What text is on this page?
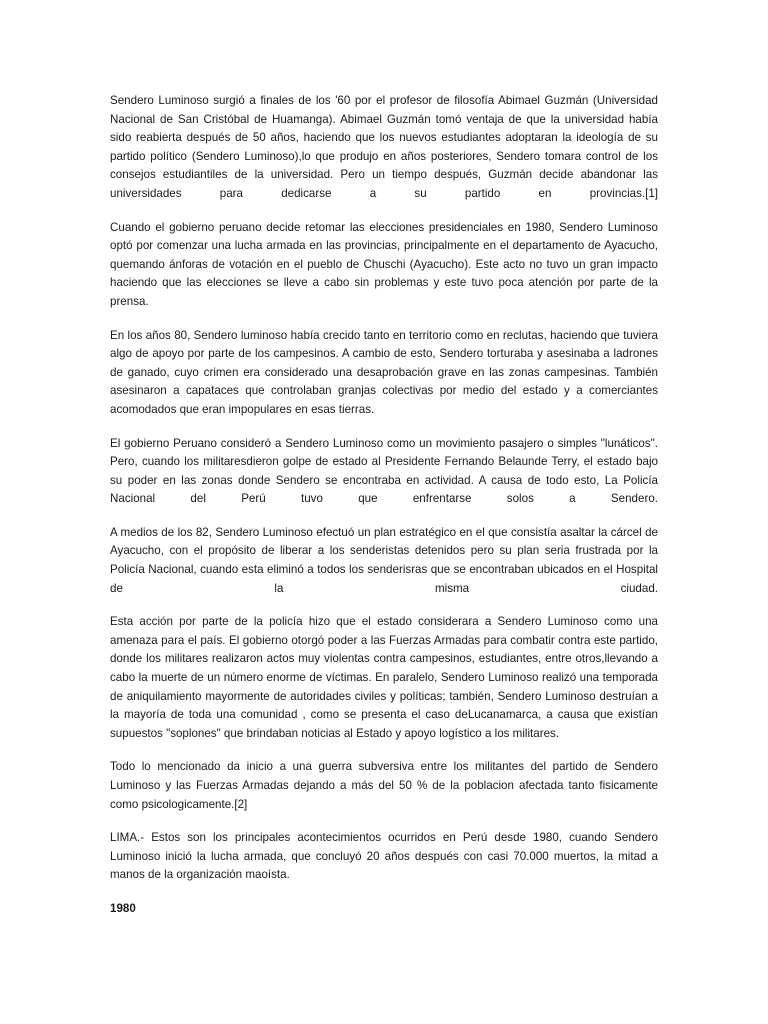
Sendero Luminoso surgió a finales de los '60 por el profesor de filosofía Abimael Guzmán (Universidad Nacional de San Cristóbal de Huamanga). Abimael Guzmán tomó ventaja de que la universidad había sido reabierta después de 50 años, haciendo que los nuevos estudiantes adoptaran la ideología de su partido político (Sendero Luminoso),lo que produjo en años posteriores, Sendero tomara control de los consejos estudiantiles de la universidad. Pero un tiempo después, Guzmán decide abandonar las universidades para dedicarse a su partido en provincias.[1]

Cuando el gobierno peruano decide retomar las elecciones presidenciales en 1980, Sendero Luminoso optó por comenzar una lucha armada en las provincias, principalmente en el departamento de Ayacucho, quemando ánforas de votación en el pueblo de Chuschi (Ayacucho). Este acto no tuvo un gran impacto haciendo que las elecciones se lleve a cabo sin problemas y este tuvo poca atención por parte de la prensa.

En los años 80, Sendero luminoso había crecido tanto en territorio como en reclutas, haciendo que tuviera algo de apoyo por parte de los campesinos. A cambio de esto, Sendero torturaba y asesinaba a ladrones de ganado, cuyo crimen era considerado una desaprobación grave en las zonas campesinas. También asesinaron a capataces que controlaban granjas colectivas por medio del estado y a comerciantes acomodados que eran impopulares en esas tierras.

El gobierno Peruano consideró a Sendero Luminoso como un movimiento pasajero o simples "lunáticos". Pero, cuando los militaresdieron golpe de estado al Presidente Fernando Belaunde Terry, el estado bajo su poder en las zonas donde Sendero se encontraba en actividad. A causa de todo esto, La Policía Nacional del Perú tuvo que enfrentarse solos a Sendero.

A medios de los 82, Sendero Luminoso efectuó un plan estratégico en el que consistía asaltar la cárcel de Ayacucho, con el propósito de liberar a los senderistas detenidos pero su plan seria frustrada por la Policía Nacional, cuando esta eliminó a todos los senderisras que se encontraban ubicados en el Hospital de la misma ciudad.

Esta acción por parte de la policía hizo que el estado considerara a Sendero Luminoso como una amenaza para el país. El gobierno otorgó poder a las Fuerzas Armadas para combatir contra este partido, donde los militares realizaron actos muy violentas contra campesinos, estudiantes, entre otros,llevando a cabo la muerte de un número enorme de víctimas. En paralelo, Sendero Luminoso realizó una temporada de aniquilamiento mayormente de autoridades civiles y políticas; también, Sendero Luminoso destruían a la mayoría de toda una comunidad , como se presenta el caso deLucanamarca, a causa que existían supuestos "soplones" que brindaban noticias al Estado y apoyo logístico a los militares.

Todo lo mencionado da inicio a una guerra subversiva entre los militantes del partido de Sendero Luminoso y las Fuerzas Armadas dejando a más del 50 % de la poblacion afectada tanto fisicamente como psicologicamente.[2]

LIMA.- Estos son los principales acontecimientos ocurridos en Perú desde 1980, cuando Sendero Luminoso inició la lucha armada, que concluyó 20 años después con casi 70.000 muertos, la mitad a manos de la organización maoísta.

1980
